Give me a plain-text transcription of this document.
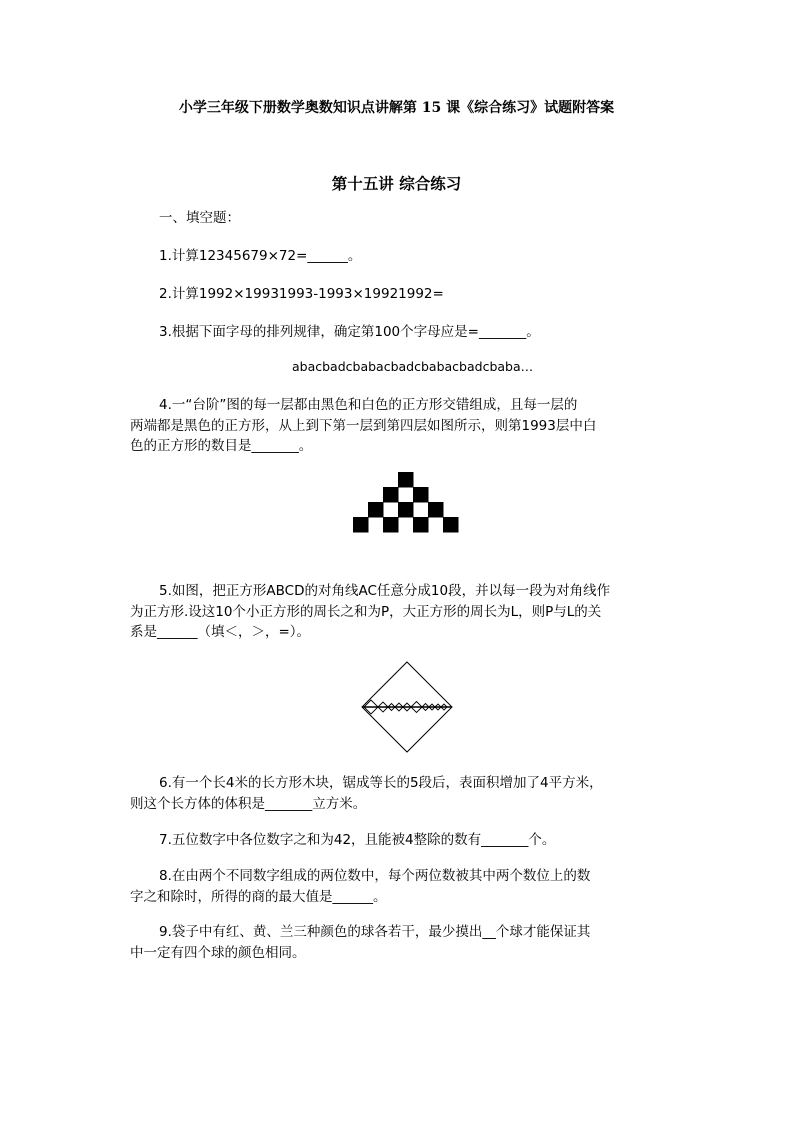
小学三年级下册数学奥数知识点讲解第 15 课《综合练习》试题附答案
第十五讲 综合练习
一、填空题：
1.计算12345679×72=______。
2.计算1992×19931993-1993×19921992=
3.根据下面字母的排列规律，确定第100个字母应是=_______。
abacbadcbabacbadcbabacbadcbaba…
4.一“台阶”图的每一层都由黑色和白色的正方形交错组成，且每一层的
两端都是黑色的正方形，从上到下第一层到第四层如图所示，则第1993层中白
色的正方形的数目是_______。
5.如图，把正方形ABCD的对角线AC任意分成10段，并以每一段为对角线作
为正方形.设这10个小正方形的周长之和为P，大正方形的周长为L，则P与L的关
系是______（填＜，＞，=）。
6.有一个长4米的长方形木块，锯成等长的5段后，表面积增加了4平方米，
则这个长方体的体积是_______立方米。
7.五位数字中各位数字之和为42，且能被4整除的数有_______个。
8.在由两个不同数字组成的两位数中，每个两位数被其中两个数位上的数
字之和除时，所得的商的最大值是______。
9.袋子中有红、黄、兰三种颜色的球各若干，最少摸出__个球才能保证其
中一定有四个球的颜色相同。
